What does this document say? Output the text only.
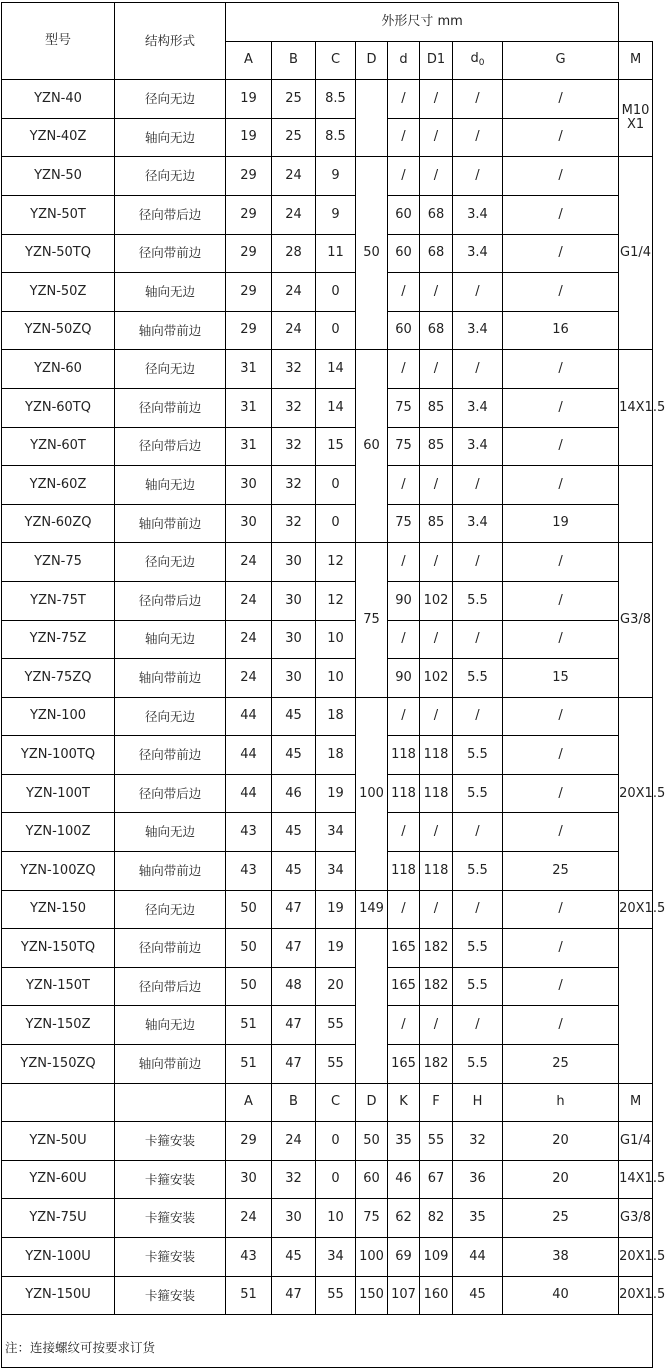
型号	结构形式	外形尺寸 mm								
		A	B	C	D	d	D1	$d_0$	G	M
YZN-40	径向无边	19	25	8.5		/	/	/	/	M10 X1
YZN-40Z	轴向无边	19	25	8.5		/	/	/	/	
YZN-50	径向无边	29	24	9	50	/	/	/	/	G1/4
YZN-50T	径向带后边	29	24	9		60	68	3.4	/	
YZN-50TQ	径向带前边	29	28	11		60	68	3.4	/	
YZN-50Z	轴向无边	29	24	0		/	/	/	/	
YZN-50ZQ	轴向带前边	29	24	0		60	68	3.4	16	
YZN-60	径向无边	31	32	14	60	/	/	/	/	14X1.5
YZN-60TQ	径向带前边	31	32	14		75	85	3.4	/	
YZN-60T	径向带后边	31	32	15		75	85	3.4	/	
YZN-60Z	轴向无边	30	32	0		/	/	/	/	
YZN-60ZQ	轴向带前边	30	32	0		75	85	3.4	19	
YZN-75	径向无边	24	30	12	75	/	/	/	/	G3/8
YZN-75T	径向带后边	24	30	12		90	102	5.5	/	
YZN-75Z	轴向无边	24	30	10		/	/	/	/	
YZN-75ZQ	轴向带前边	24	30	10		90	102	5.5	15	
YZN-100	径向无边	44	45	18	100	/	/	/	/	20X1.5
YZN-100TQ	径向带前边	44	45	18		118	118	5.5	/	
YZN-100T	径向带后边	44	46	19		118	118	5.5	/	
YZN-100Z	轴向无边	43	45	34		/	/	/	/	
YZN-100ZQ	轴向带前边	43	45	34		118	118	5.5	25	
YZN-150	径向无边	50	47	19	149	/	/	/	/	20X1.5
YZN-150TQ	径向带前边	50	47	19		165	182	5.5	/	
YZN-150T	径向带后边	50	48	20		165	182	5.5	/	
YZN-150Z	轴向无边	51	47	55		/	/	/	/	
YZN-150ZQ	轴向带前边	51	47	55		165	182	5.5	25	
		A	B	C	D	K	F	H	h	M
YZN-50U	卡箍安装	29	24	0	50	35	55	32	20	G1/4
YZN-60U	卡箍安装	30	32	0	60	46	67	36	20	14X1.5
YZN-75U	卡箍安装	24	30	10	75	62	82	35	25	G3/8
YZN-100U	卡箍安装	43	45	34	100	69	109	44	38	20X1.5
YZN-150U	卡箍安装	51	47	55	150	107	160	45	40	20X1.5
注：连接螺纹可按要求订货										
